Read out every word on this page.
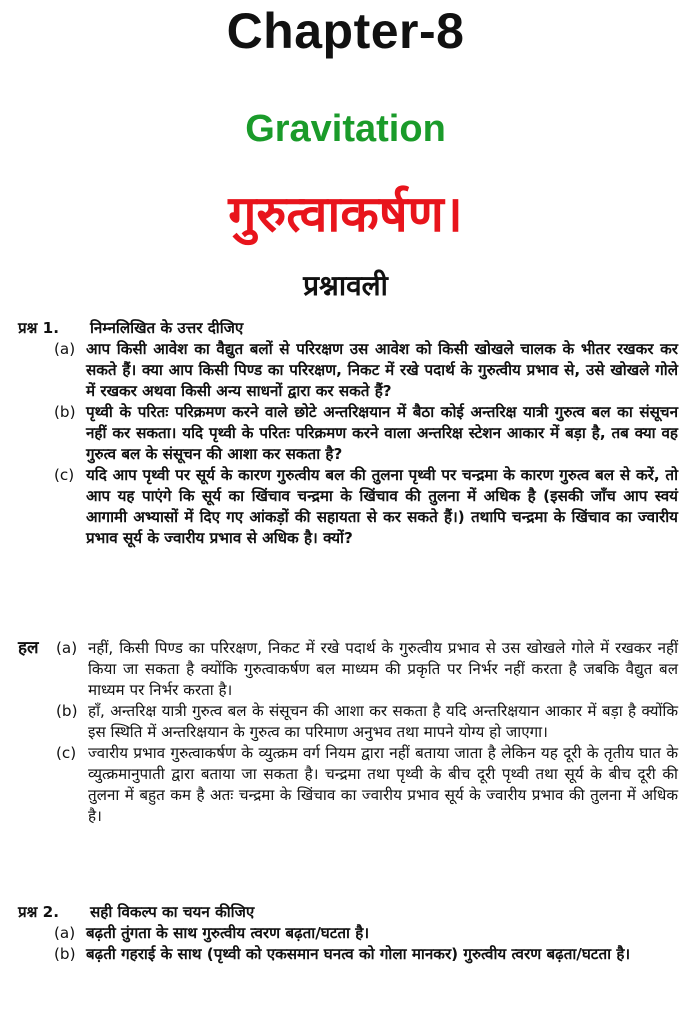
Chapter-8
Gravitation
गुरुत्वाकर्षण।
प्रश्नावली
प्रश्न 1.	निम्नलिखित के उत्तर दीजिए
(a) आप किसी आवेश का वैद्युत बलों से परिरक्षण उस आवेश को किसी खोखले चालक के भीतर रखकर कर सकते हैं। क्या आप किसी पिण्ड का परिरक्षण, निकट में रखे पदार्थ के गुरुत्वीय प्रभाव से, उसे खोखले गोले में रखकर अथवा किसी अन्य साधनों द्वारा कर सकते हैं?
(b) पृथ्वी के परितः परिक्रमण करने वाले छोटे अन्तरिक्षयान में बैठा कोई अन्तरिक्ष यात्री गुरुत्व बल का संसूचन नहीं कर सकता। यदि पृथ्वी के परितः परिक्रमण करने वाला अन्तरिक्ष स्टेशन आकार में बड़ा है, तब क्या वह गुरुत्व बल के संसूचन की आशा कर सकता है?
(c) यदि आप पृथ्वी पर सूर्य के कारण गुरुत्वीय बल की तुलना पृथ्वी पर चन्द्रमा के कारण गुरुत्व बल से करें, तो आप यह पाएंगे कि सूर्य का खिंचाव चन्द्रमा के खिंचाव की तुलना में अधिक है (इसकी जाँच आप स्वयं आगामी अभ्यासों में दिए गए आंकड़ों की सहायता से कर सकते हैं।) तथापि चन्द्रमा के खिंचाव का ज्वारीय प्रभाव सूर्य के ज्वारीय प्रभाव से अधिक है। क्यों?
हल	(a) नहीं, किसी पिण्ड का परिरक्षण, निकट में रखे पदार्थ के गुरुत्वीय प्रभाव से उस खोखले गोले में रखकर नहीं किया जा सकता है क्योंकि गुरुत्वाकर्षण बल माध्यम की प्रकृति पर निर्भर नहीं करता है जबकि वैद्युत बल माध्यम पर निर्भर करता है।
(b) हाँ, अन्तरिक्ष यात्री गुरुत्व बल के संसूचन की आशा कर सकता है यदि अन्तरिक्षयान आकार में बड़ा है क्योंकि इस स्थिति में अन्तरिक्षयान के गुरुत्व का परिमाण अनुभव तथा मापने योग्य हो जाएगा।
(c) ज्वारीय प्रभाव गुरुत्वाकर्षण के व्युत्क्रम वर्ग नियम द्वारा नहीं बताया जाता है लेकिन यह दूरी के तृतीय घात के व्युत्क्रमानुपाती द्वारा बताया जा सकता है। चन्द्रमा तथा पृथ्वी के बीच दूरी पृथ्वी तथा सूर्य के बीच दूरी की तुलना में बहुत कम है अतः चन्द्रमा के खिंचाव का ज्वारीय प्रभाव सूर्य के ज्वारीय प्रभाव की तुलना में अधिक है।
प्रश्न 2.	सही विकल्प का चयन कीजिए
(a) बढ़ती तुंगता के साथ गुरुत्वीय त्वरण बढ़ता/घटता है।
(b) बढ़ती गहराई के साथ (पृथ्वी को एकसमान घनत्व को गोला मानकर) गुरुत्वीय त्वरण बढ़ता/घटता है।
